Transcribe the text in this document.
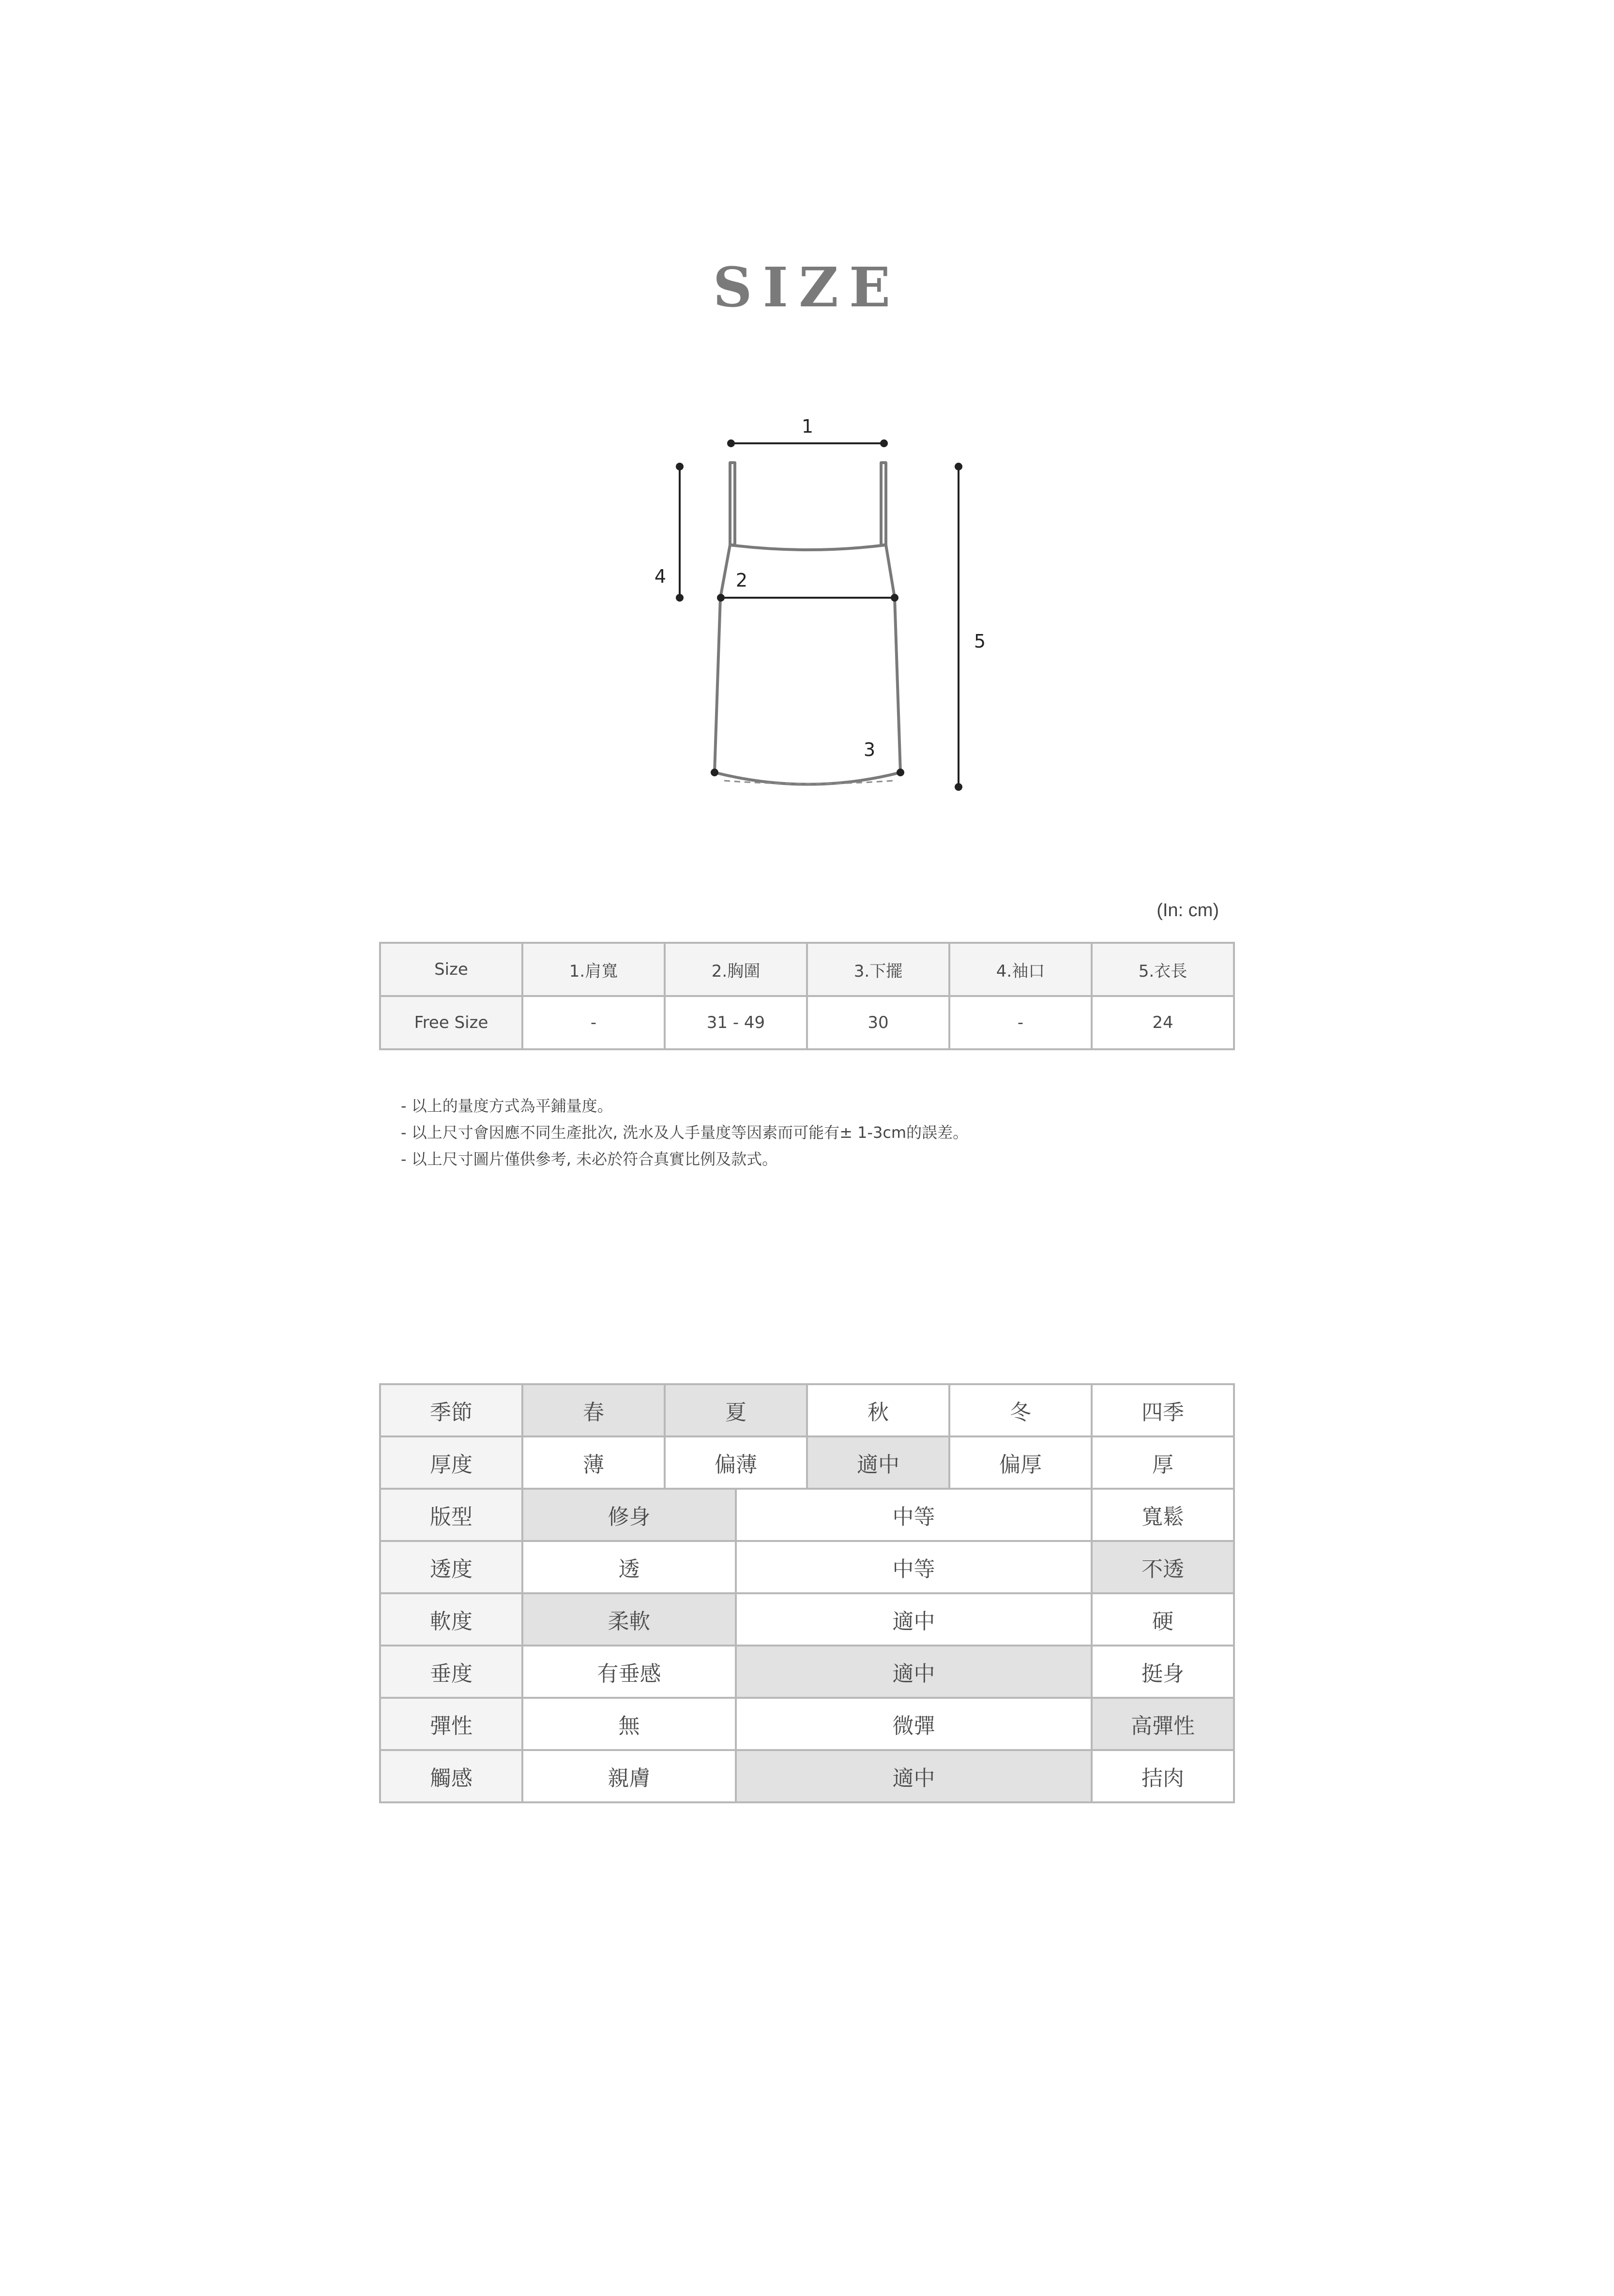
SIZE
1
2
3
4
5
(In: cm)
Size	1.肩寬	2.胸圍	3.下擺	4.袖口	5.衣長
Free Size	-	31 - 49	30	-	24
- 以上的量度方式為平鋪量度。
- 以上尺寸會因應不同生產批次, 洗水及人手量度等因素而可能有± 1-3cm的誤差。
- 以上尺寸圖片僅供參考, 未必於符合真實比例及款式。
季節	春	夏		秋	冬	四季
厚度	薄	偏薄		適中	偏厚	厚
版型	修身		中等			寬鬆
透度	透		中等			不透
軟度	柔軟		適中			硬
垂度	有垂感		適中			挺身
彈性	無		微彈			高彈性
觸感	親膚		適中			拮肉
